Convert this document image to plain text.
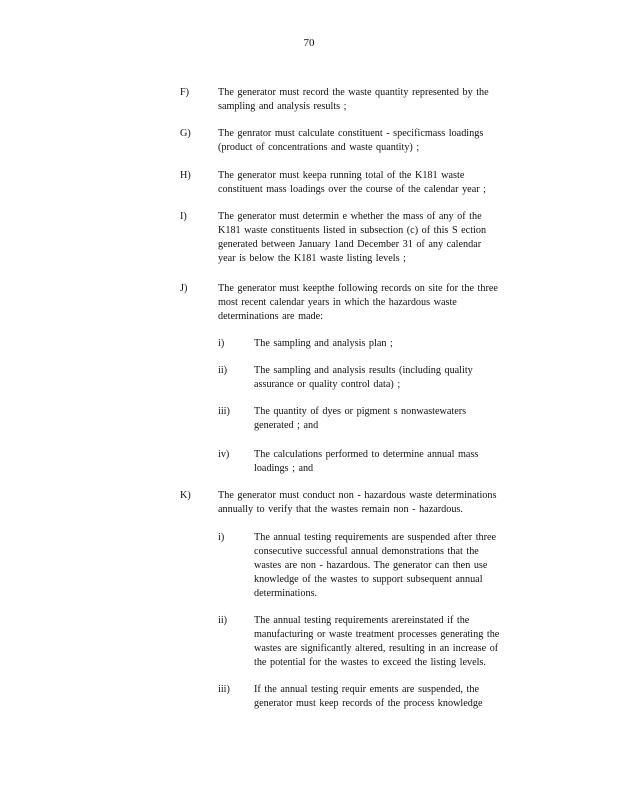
70
F)	The generator must record the waste quantity represented by the
sampling and analysis results ;
G)	The genrator must calculate constituent - specificmass loadings
(product of concentrations and waste quantity) ;
H)	The generator must keepa running total of the K181 waste
constituent mass loadings over the course of the calendar year ;
I)	The generator must determin e whether the mass of any of the
K181 waste constituents listed in subsection (c) of this S ection
generated between January 1and December 31 of any calendar
year is below the K181 waste listing levels ;
J)	The generator must keepthe following records on site for the three
most recent calendar years in which the hazardous waste
determinations are made:
i)	The sampling and analysis plan ;
ii)	The sampling and analysis results (including quality
assurance or quality control data) ;
iii) The quantity of dyes or pigment s nonwastewaters
generated ; and
iv) The calculations performed to determine annual mass
loadings ; and
K)	The generator must conduct non - hazardous waste determinations
annually to verify that the wastes remain non - hazardous.
i)	The annual testing requirements are suspended after three
consecutive successful annual demonstrations that the
wastes are non - hazardous. The generator can then use
knowledge of the wastes to support subsequent annual
determinations.
ii)	The annual testing requirements arereinstated if the
manufacturing or waste treatment processes generating the
wastes are significantly altered, resulting in an increase of
the potential for the wastes to exceed the listing levels.
iii) If the annual testing requir ements are suspended, the
generator must keep records of the process knowledge
